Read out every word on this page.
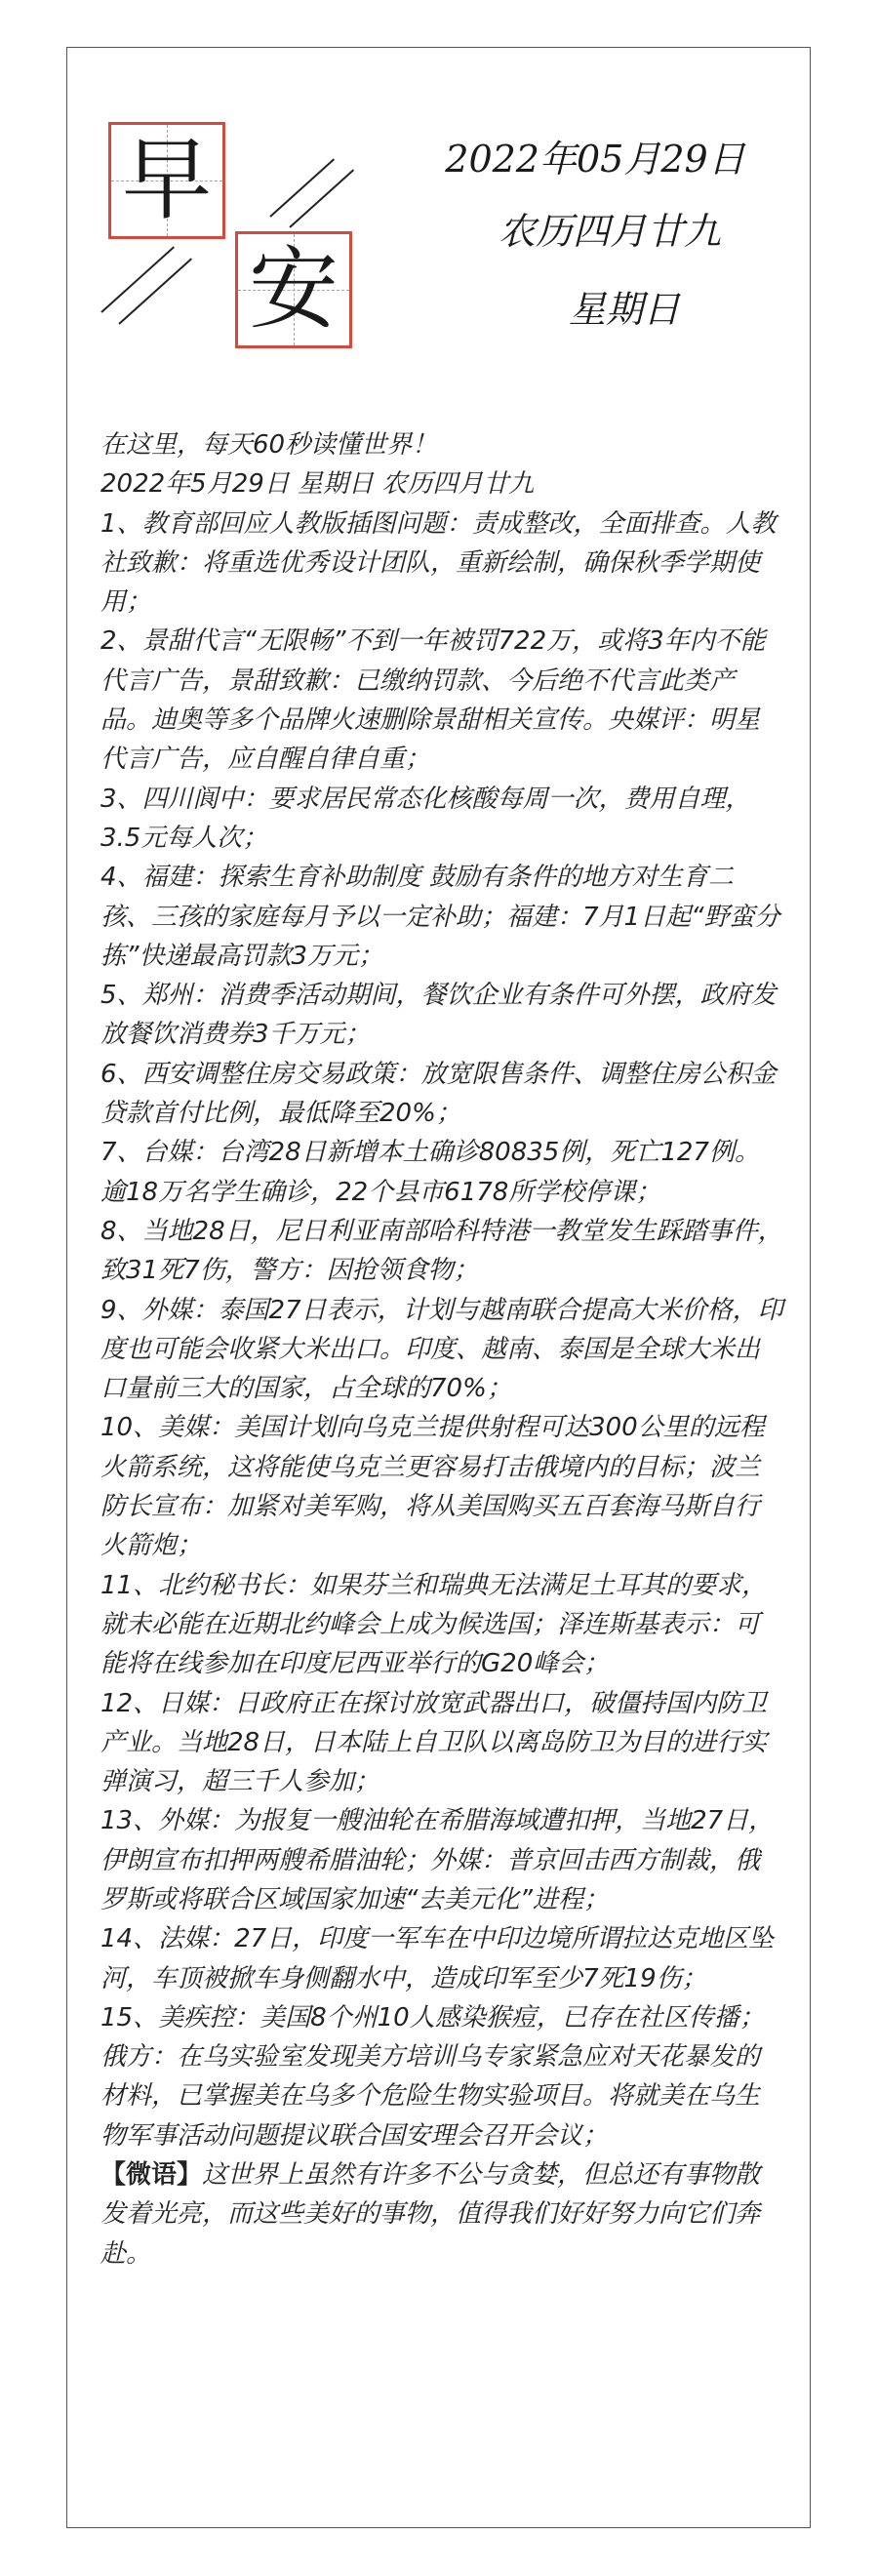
早
安
2022年05月29日
农历四月廿九
星期日

在这里，每天60秒读懂世界！

2022年5月29日 星期日 农历四月廿九

1、教育部回应人教版插图问题：责成整改，全面排查。人教社致歉：将重选优秀设计团队，重新绘制，确保秋季学期使用；

2、景甜代言“无限畅”不到一年被罚722万，或将3年内不能代言广告，景甜致歉：已缴纳罚款、今后绝不代言此类产品。迪奥等多个品牌火速删除景甜相关宣传。央媒评：明星代言广告，应自醒自律自重；

3、四川阆中：要求居民常态化核酸每周一次，费用自理，3.5元每人次；

4、福建：探索生育补助制度 鼓励有条件的地方对生育二孩、三孩的家庭每月予以一定补助；福建：7月1日起“野蛮分拣”快递最高罚款3万元；

5、郑州：消费季活动期间，餐饮企业有条件可外摆，政府发放餐饮消费券3千万元；

6、西安调整住房交易政策：放宽限售条件、调整住房公积金贷款首付比例，最低降至20%；

7、台媒：台湾28日新增本土确诊80835例，死亡127例。逾18万名学生确诊，22个县市6178所学校停课；

8、当地28日，尼日利亚南部哈科特港一教堂发生踩踏事件，致31死7伤，警方：因抢领食物；

9、外媒：泰国27日表示，计划与越南联合提高大米价格，印度也可能会收紧大米出口。印度、越南、泰国是全球大米出口量前三大的国家，占全球的70%；

10、美媒：美国计划向乌克兰提供射程可达300公里的远程火箭系统，这将能使乌克兰更容易打击俄境内的目标；波兰防长宣布：加紧对美军购，将从美国购买五百套海马斯自行火箭炮；

11、北约秘书长：如果芬兰和瑞典无法满足土耳其的要求，就未必能在近期北约峰会上成为候选国；泽连斯基表示：可能将在线参加在印度尼西亚举行的G20峰会；

12、日媒：日政府正在探讨放宽武器出口，破僵持国内防卫产业。当地28日，日本陆上自卫队以离岛防卫为目的进行实弹演习，超三千人参加；

13、外媒：为报复一艘油轮在希腊海域遭扣押，当地27日，伊朗宣布扣押两艘希腊油轮；外媒：普京回击西方制裁，俄罗斯或将联合区域国家加速“去美元化”进程；

14、法媒：27日，印度一军车在中印边境所谓拉达克地区坠河，车顶被掀车身侧翻水中，造成印军至少7死19伤；

15、美疾控：美国8个州10人感染猴痘，已存在社区传播；俄方：在乌实验室发现美方培训乌专家紧急应对天花暴发的材料，已掌握美在乌多个危险生物实验项目。将就美在乌生物军事活动问题提议联合国安理会召开会议；

【微语】这世界上虽然有许多不公与贪婪，但总还有事物散发着光亮，而这些美好的事物，值得我们好好努力向它们奔赴。
